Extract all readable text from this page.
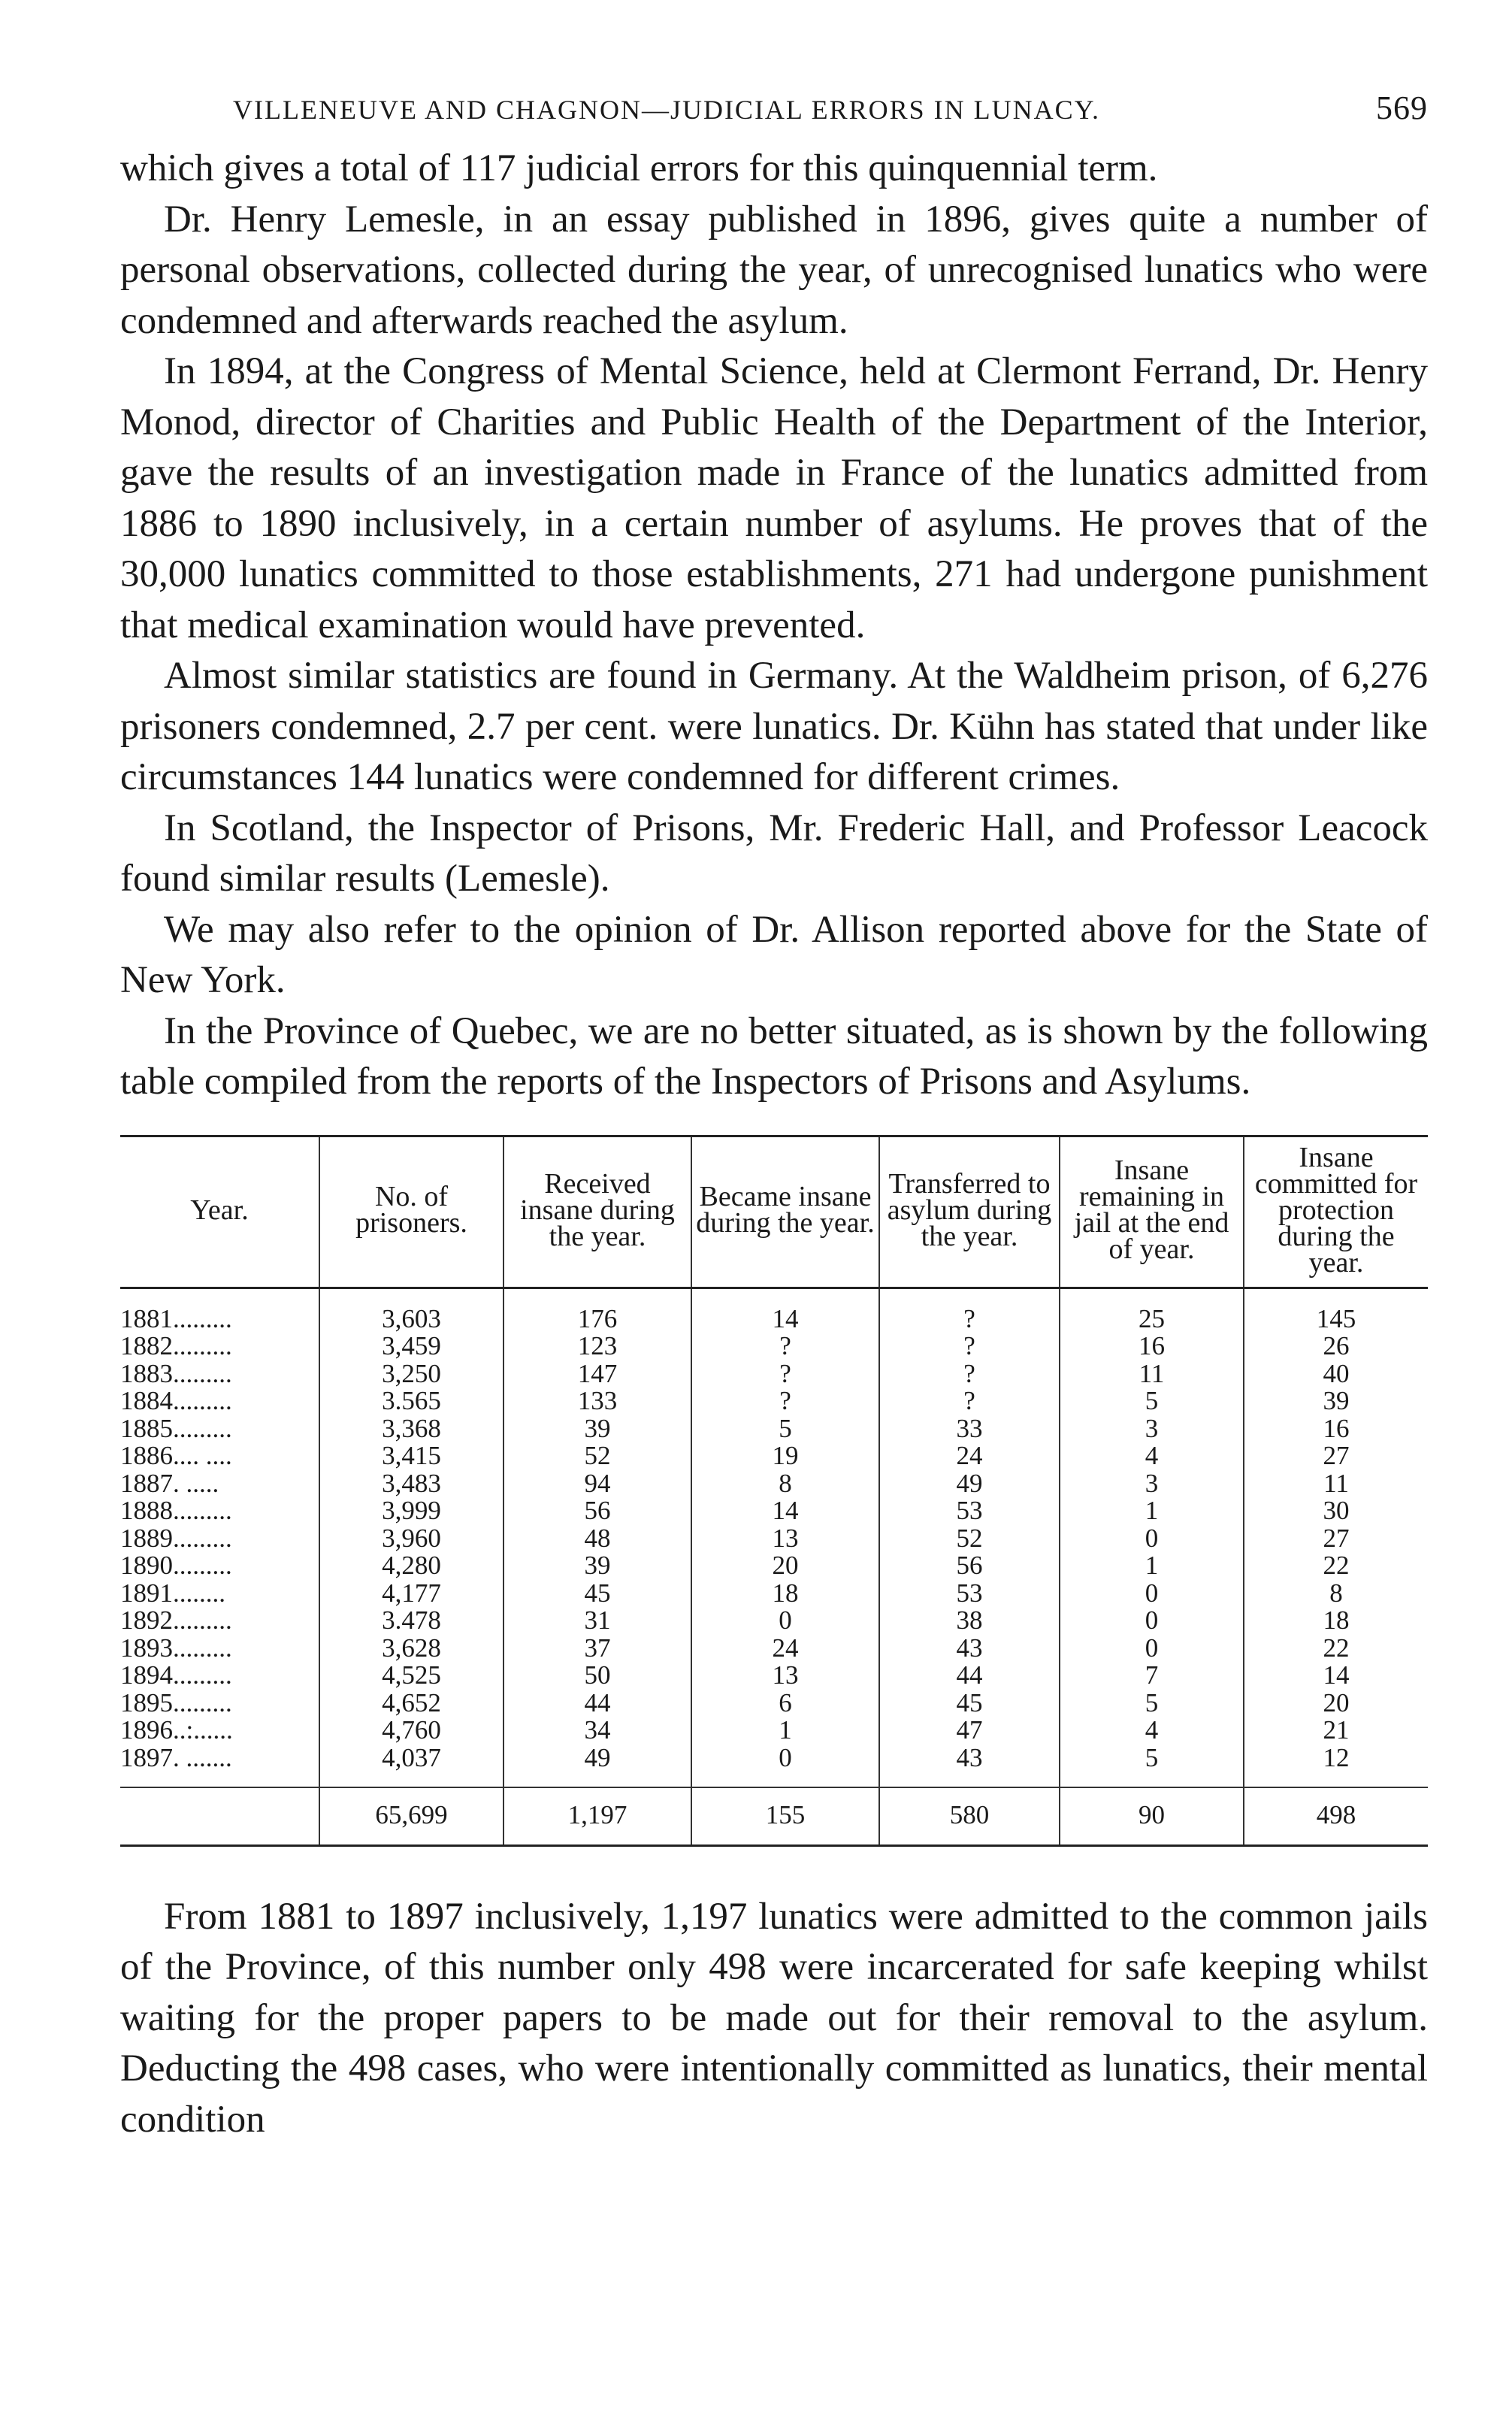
VILLENEUVE AND CHAGNON—JUDICIAL ERRORS IN LUNACY.	569

which gives a total of 117 judicial errors for this quinquennial term.

Dr. Henry Lemesle, in an essay published in 1896, gives quite a number of personal observations, collected during the year, of unrecognised lunatics who were condemned and afterwards reached the asylum.

In 1894, at the Congress of Mental Science, held at Clermont Ferrand, Dr. Henry Monod, director of Charities and Public Health of the Department of the Interior, gave the results of an investigation made in France of the lunatics admitted from 1886 to 1890 inclusively, in a certain number of asylums. He proves that of the 30,000 lunatics committed to those establishments, 271 had undergone punishment that medical examination would have prevented.

Almost similar statistics are found in Germany. At the Waldheim prison, of 6,276 prisoners condemned, 2.7 per cent. were lunatics. Dr. Kühn has stated that under like circumstances 144 lunatics were condemned for different crimes.

In Scotland, the Inspector of Prisons, Mr. Frederic Hall, and Professor Leacock found similar results (Lemesle).

We may also refer to the opinion of Dr. Allison reported above for the State of New York.

In the Province of Quebec, we are no better situated, as is shown by the following table compiled from the reports of the Inspectors of Prisons and Asylums.

Year.	No. of prisoners.	Received insane during the year.	Became insane during the year.	Transferred to asylum during the year.	Insane remaining in jail at the end of year.	Insane committed for protection during the year.
1881.........	3,603	176	14	?	25	145
1882.........	3,459	123	?	?	16	26
1883.........	3,250	147	?	?	11	40
1884.........	3.565	133	?	?	5	39
1885.........	3,368	39	5	33	3	16
1886.... ....	3,415	52	19	24	4	27
1887. .....	3,483	94	8	49	3	11
1888.........	3,999	56	14	53	1	30
1889.........	3,960	48	13	52	0	27
1890.........	4,280	39	20	56	1	22
1891........	4,177	45	18	53	0	8
1892.........	3.478	31	0	38	0	18
1893.........	3,628	37	24	43	0	22
1894.........	4,525	50	13	44	7	14
1895.........	4,652	44	6	45	5	20
1896..:......	4,760	34	1	47	4	21
1897. .......	4,037	49	0	43	5	12
	65,699	1,197	155	580	90	498

From 1881 to 1897 inclusively, 1,197 lunatics were admitted to the common jails of the Province, of this number only 498 were incarcerated for safe keeping whilst waiting for the proper papers to be made out for their removal to the asylum. Deducting the 498 cases, who were intentionally committed as lunatics, their mental condition
